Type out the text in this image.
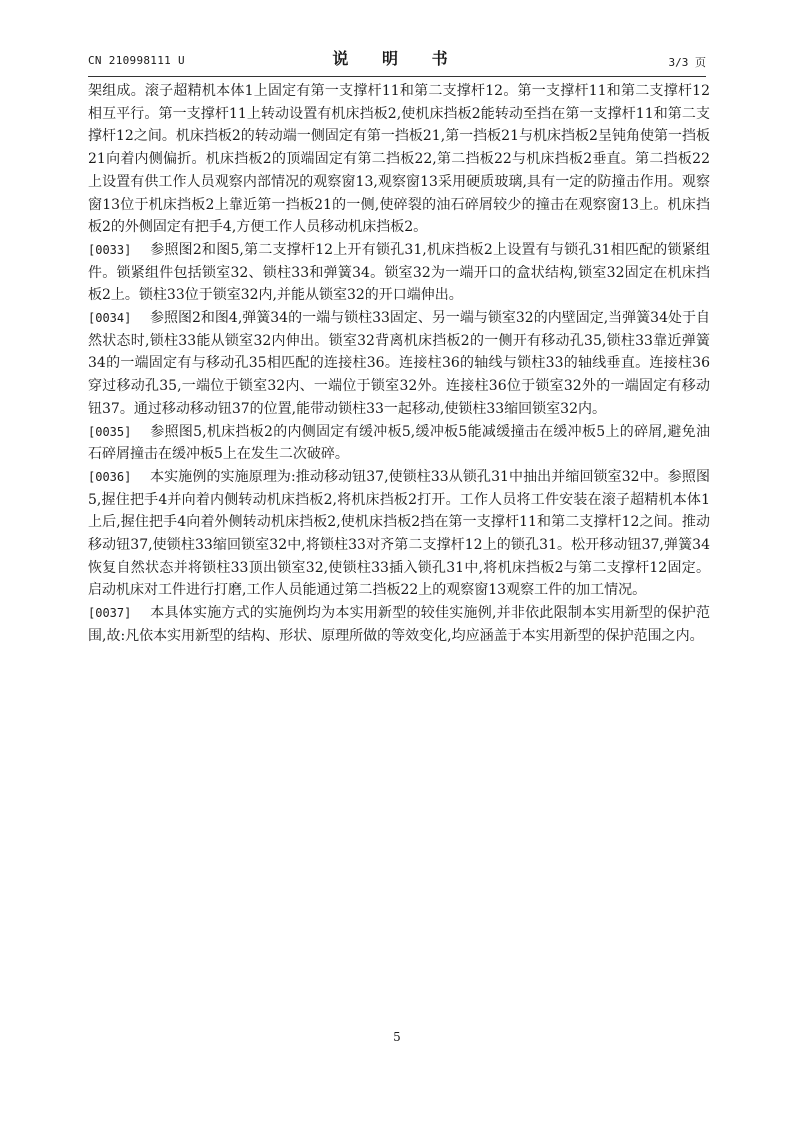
CN 210998111 U	说 明 书	3/3 页

架组成。滚子超精机本体1上固定有第一支撑杆11和第二支撑杆12。第一支撑杆11和第二支撑杆12相互平行。第一支撑杆11上转动设置有机床挡板2,使机床挡板2能转动至挡在第一支撑杆11和第二支撑杆12之间。机床挡板2的转动端一侧固定有第一挡板21,第一挡板21与机床挡板2呈钝角使第一挡板21向着内侧偏折。机床挡板2的顶端固定有第二挡板22,第二挡板22与机床挡板2垂直。第二挡板22上设置有供工作人员观察内部情况的观察窗13,观察窗13采用硬质玻璃,具有一定的防撞击作用。观察窗13位于机床挡板2上靠近第一挡板21的一侧,使碎裂的油石碎屑较少的撞击在观察窗13上。机床挡板2的外侧固定有把手4,方便工作人员移动机床挡板2。

[0033] 参照图2和图5,第二支撑杆12上开有锁孔31,机床挡板2上设置有与锁孔31相匹配的锁紧组件。锁紧组件包括锁室32、锁柱33和弹簧34。锁室32为一端开口的盒状结构,锁室32固定在机床挡板2上。锁柱33位于锁室32内,并能从锁室32的开口端伸出。

[0034] 参照图2和图4,弹簧34的一端与锁柱33固定、另一端与锁室32的内壁固定,当弹簧34处于自然状态时,锁柱33能从锁室32内伸出。锁室32背离机床挡板2的一侧开有移动孔35,锁柱33靠近弹簧34的一端固定有与移动孔35相匹配的连接柱36。连接柱36的轴线与锁柱33的轴线垂直。连接柱36穿过移动孔35,一端位于锁室32内、一端位于锁室32外。连接柱36位于锁室32外的一端固定有移动钮37。通过移动移动钮37的位置,能带动锁柱33一起移动,使锁柱33缩回锁室32内。

[0035] 参照图5,机床挡板2的内侧固定有缓冲板5,缓冲板5能减缓撞击在缓冲板5上的碎屑,避免油石碎屑撞击在缓冲板5上在发生二次破碎。

[0036] 本实施例的实施原理为:推动移动钮37,使锁柱33从锁孔31中抽出并缩回锁室32中。参照图5,握住把手4并向着内侧转动机床挡板2,将机床挡板2打开。工作人员将工件安装在滚子超精机本体1上后,握住把手4向着外侧转动机床挡板2,使机床挡板2挡在第一支撑杆11和第二支撑杆12之间。推动移动钮37,使锁柱33缩回锁室32中,将锁柱33对齐第二支撑杆12上的锁孔31。松开移动钮37,弹簧34恢复自然状态并将锁柱33顶出锁室32,使锁柱33插入锁孔31中,将机床挡板2与第二支撑杆12固定。启动机床对工件进行打磨,工作人员能通过第二挡板22上的观察窗13观察工件的加工情况。

[0037] 本具体实施方式的实施例均为本实用新型的较佳实施例,并非依此限制本实用新型的保护范围,故:凡依本实用新型的结构、形状、原理所做的等效变化,均应涵盖于本实用新型的保护范围之内。

5
